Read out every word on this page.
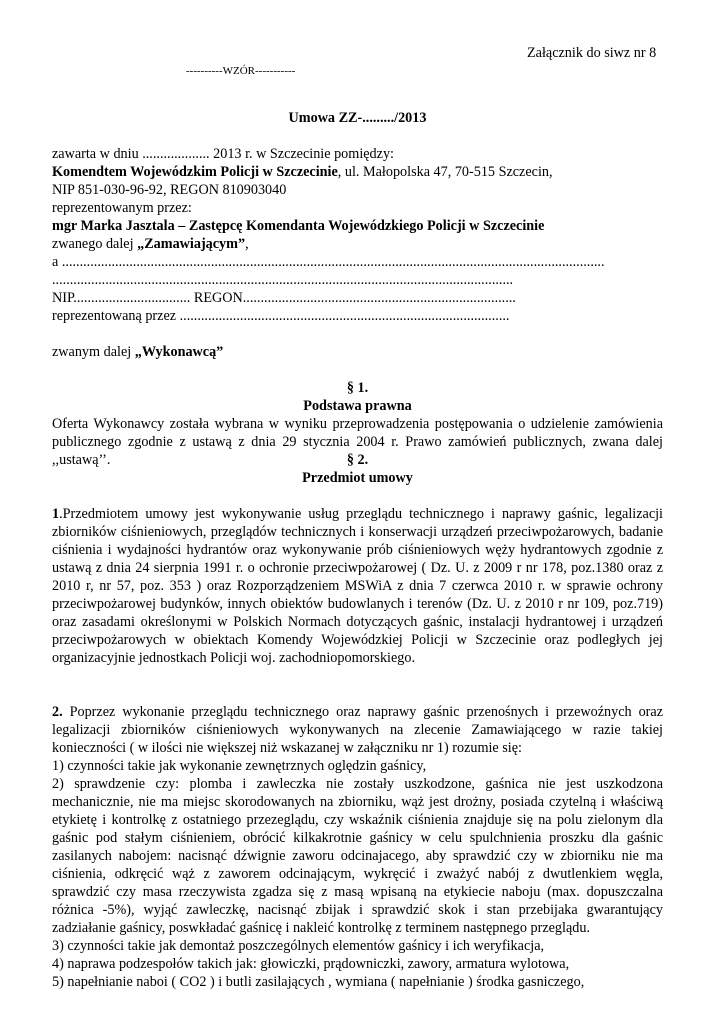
Załącznik do siwz nr 8
----------WZÓR-----------
Umowa ZZ-........./2013
zawarta w dniu ................... 2013 r. w Szczecinie pomiędzy:
Komendtem Wojewódzkim Policji w Szczecinie, ul. Małopolska 47, 70-515 Szczecin,
NIP 851-030-96-92, REGON 810903040
reprezentowanym przez:
mgr Marka Jasztala – Zastępcę Komendanta Wojewódzkiego Policji w Szczecinie
zwanego dalej „Zamawiającym”,
a .........................................................................................................................................................
..................................................................................................................................
NIP................................. REGON.............................................................................
reprezentowaną przez .............................................................................................
zwanym dalej „Wykonawcą”
§ 1.
Podstawa prawna

Oferta Wykonawcy została wybrana w wyniku przeprowadzenia postępowania o udzielenie zamówienia publicznego zgodnie z ustawą z dnia 29 stycznia 2004 r. Prawo zamówień publicznych, zwana dalej ,,ustawą’’.	§ 2.
Przedmiot umowy

1.Przedmiotem umowy jest wykonywanie usług przeglądu technicznego i naprawy gaśnic, legalizacji zbiorników ciśnieniowych, przeglądów technicznych i konserwacji urządzeń przeciwpożarowych, badanie ciśnienia i wydajności hydrantów oraz wykonywanie prób ciśnieniowych węży hydrantowych zgodnie z ustawą z dnia 24 sierpnia 1991 r. o ochronie przeciwpożarowej ( Dz. U. z 2009 r nr 178, poz.1380 oraz z 2010 r, nr 57, poz. 353 ) oraz Rozporządzeniem MSWiA z dnia 7 czerwca 2010 r. w sprawie ochrony przeciwpożarowej budynków, innych obiektów budowlanych i terenów (Dz. U. z 2010 r nr 109, poz.719) oraz zasadami określonymi w Polskich Normach dotyczących gaśnic, instalacji hydrantowej i urządzeń przeciwpożarowych w obiektach Komendy Wojewódzkiej Policji w Szczecinie oraz podległych jej organizacyjnie jednostkach Policji woj. zachodniopomorskiego.

2. Poprzez wykonanie przeglądu technicznego oraz naprawy gaśnic przenośnych i przewoźnych oraz legalizacji zbiorników ciśnieniowych wykonywanych na zlecenie Zamawiającego w razie takiej konieczności ( w ilości nie większej niż wskazanej w załączniku nr 1) rozumie się:

1) czynności takie jak wykonanie zewnętrznych oględzin gaśnicy,

2) sprawdzenie czy: plomba i zawleczka nie zostały uszkodzone, gaśnica nie jest uszkodzona mechanicznie, nie ma miejsc skorodowanych na zbiorniku, wąż jest drożny, posiada czytelną i właściwą etykietę i kontrolkę z ostatniego przezeglądu, czy wskaźnik ciśnienia znajduje się na polu zielonym dla gaśnic pod stałym ciśnieniem, obrócić kilkakrotnie gaśnicy w celu spulchnienia proszku dla gaśnic zasilanych nabojem: nacisnąć dźwignie zaworu odcinajacego, aby sprawdzić czy w zbiorniku nie ma ciśnienia, odkręcić wąż z zaworem odcinającym, wykręcić i zważyć nabój z dwutlenkiem węgla, sprawdzić czy masa rzeczywista zgadza się z masą wpisaną na etykiecie naboju (max. dopuszczalna różnica -5%), wyjąć zawleczkę, nacisnąć zbijak i sprawdzić skok i stan przebijaka gwarantujący zadziałanie gaśnicy, poswkładać gaśnicę i naklеić kontrolkę z terminem następnego przeglądu.

3) czynności takie jak demontaż poszczególnych elementów gaśnicy i ich weryfikacja,

4) naprawa podzespołów takich jak: głowiczki, prądowniczki, zawory, armatura wylotowa,

5) napełnianie naboi ( CO2 ) i butli zasilających , wymiana ( napełnianie ) środka gasniczego,
